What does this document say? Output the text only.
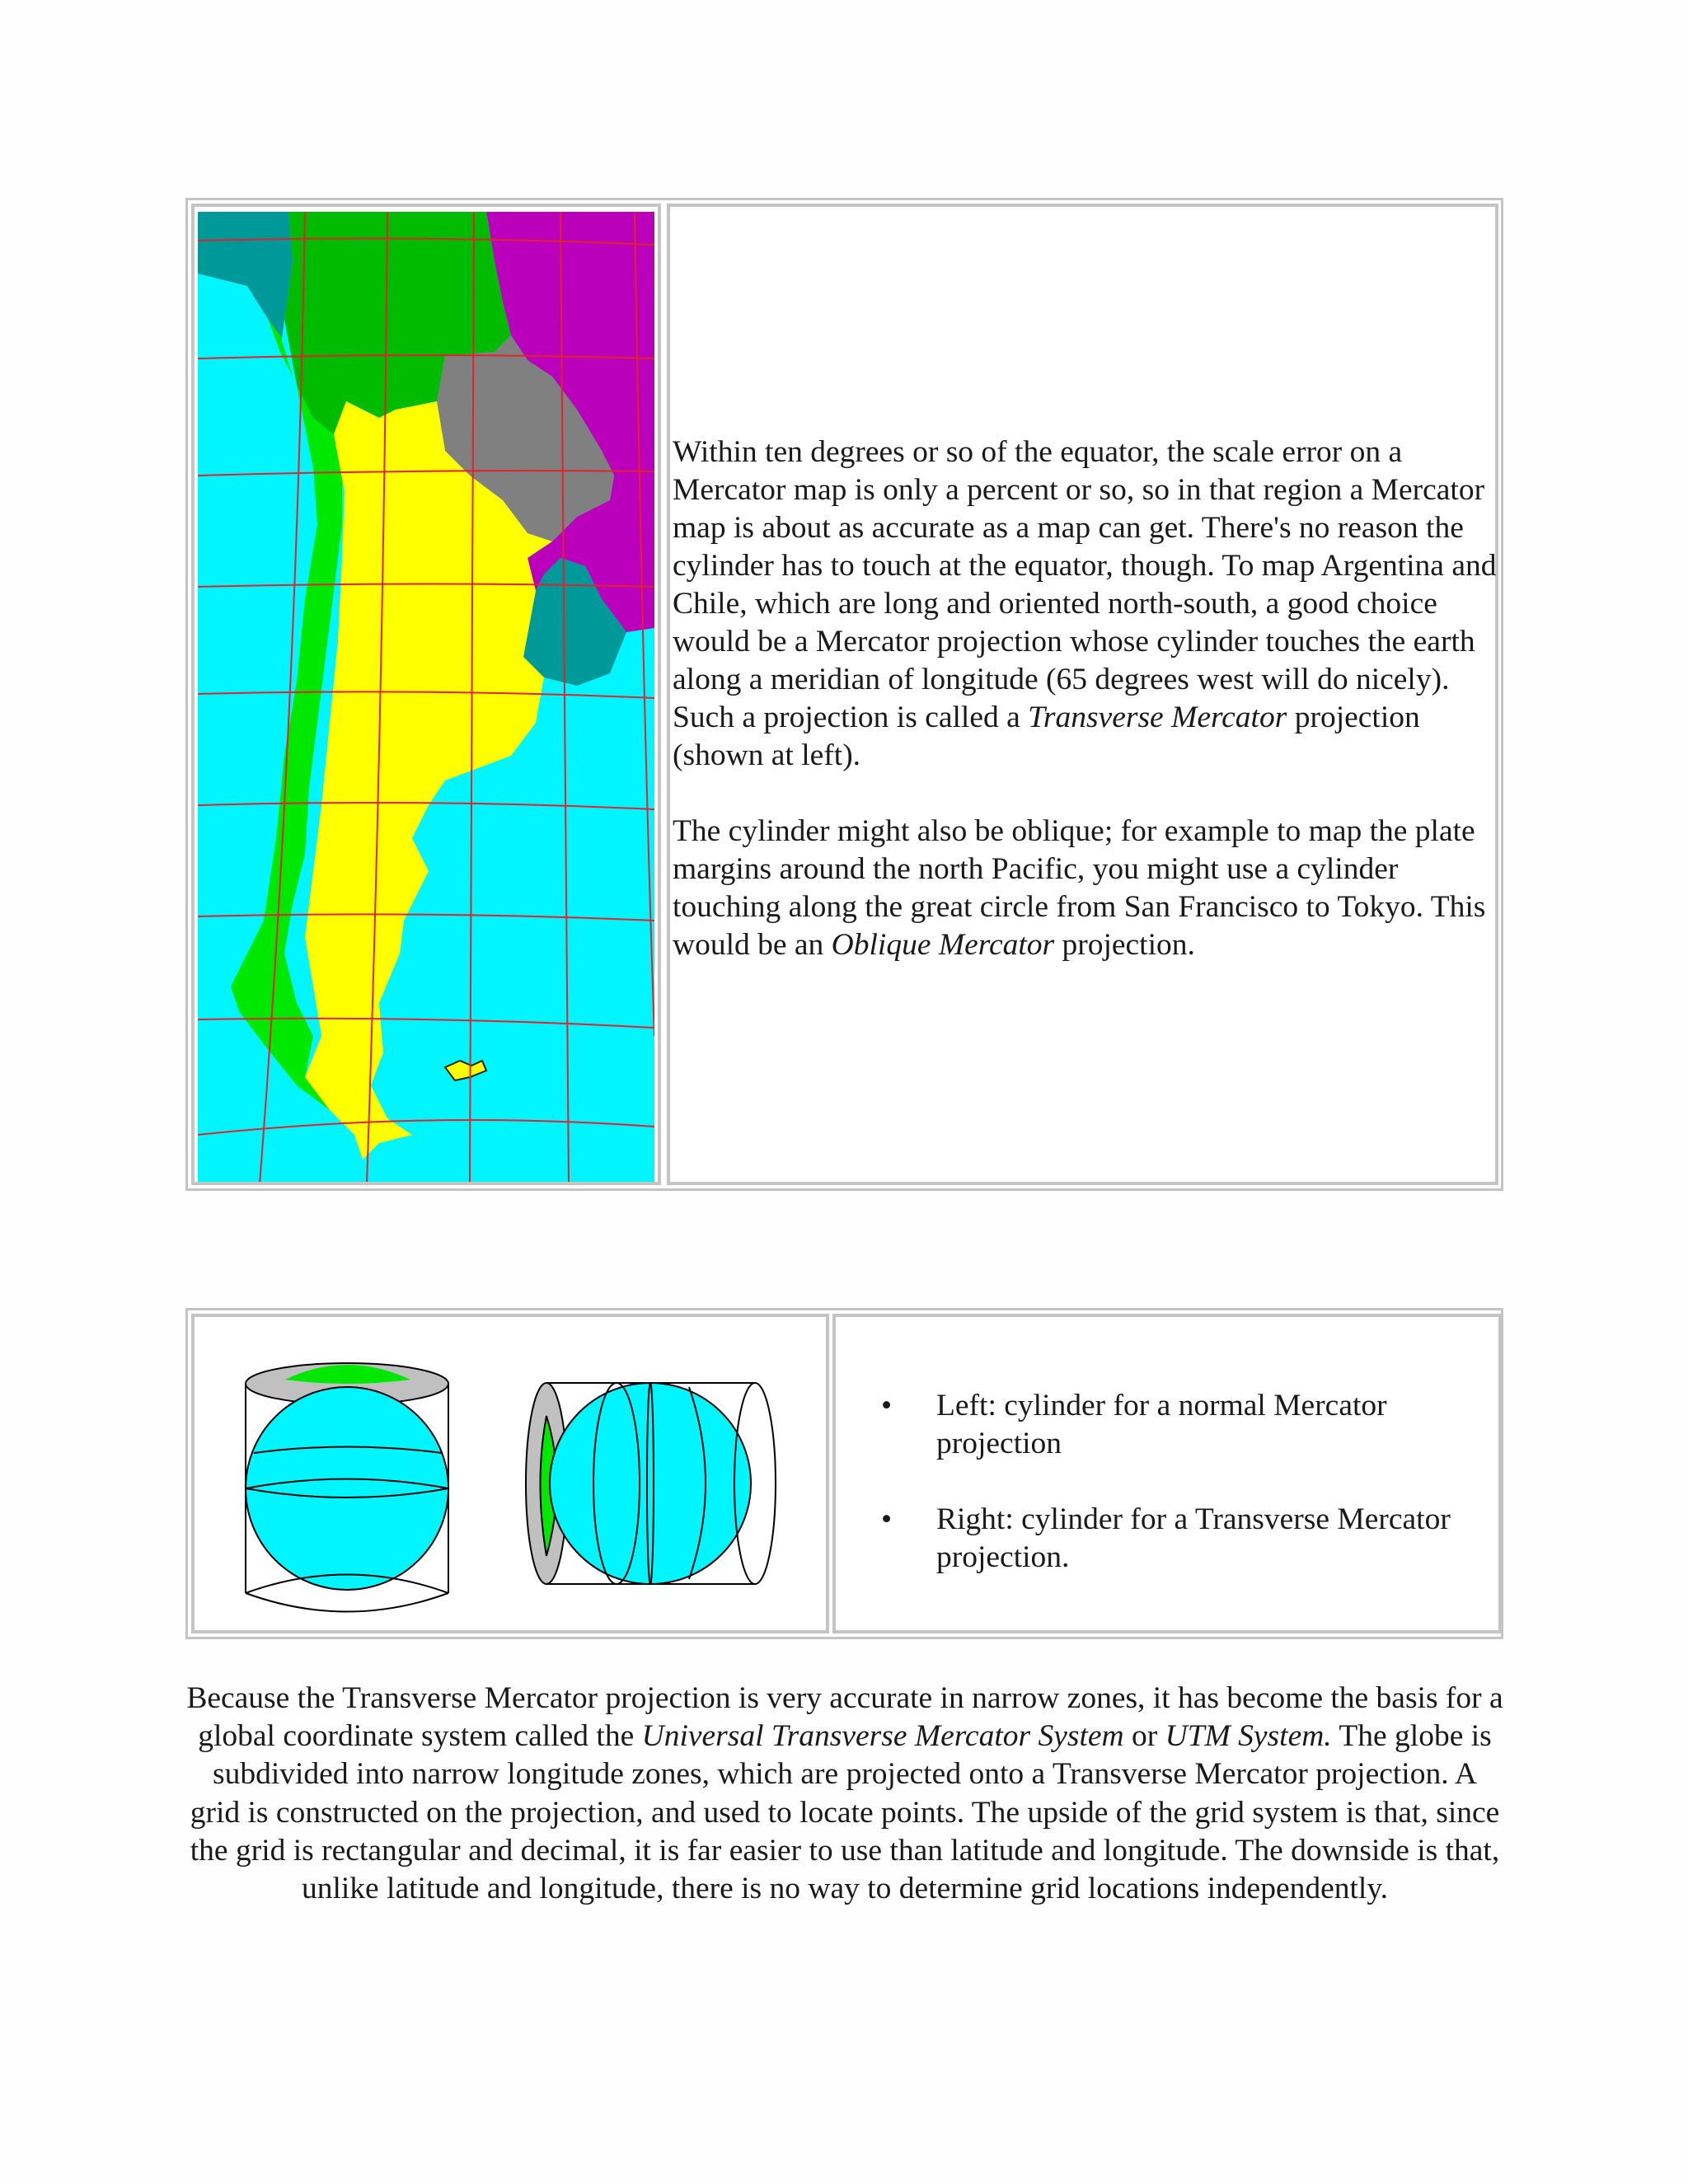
Within ten degrees or so of the equator, the scale error on a Mercator map is only a percent or so, so in that region a Mercator map is about as accurate as a map can get. There's no reason the cylinder has to touch at the equator, though. To map Argentina and Chile, which are long and oriented north-south, a good choice would be a Mercator projection whose cylinder touches the earth along a meridian of longitude (65 degrees west will do nicely). Such a projection is called a Transverse Mercator projection (shown at left).

The cylinder might also be oblique; for example to map the plate margins around the north Pacific, you might use a cylinder touching along the great circle from San Francisco to Tokyo. This would be an Oblique Mercator projection.

• Left: cylinder for a normal Mercator projection
• Right: cylinder for a Transverse Mercator projection.
Because the Transverse Mercator projection is very accurate in narrow zones, it has become the basis for a global coordinate system called the Universal Transverse Mercator System or UTM System. The globe is subdivided into narrow longitude zones, which are projected onto a Transverse Mercator projection. A grid is constructed on the projection, and used to locate points. The upside of the grid system is that, since the grid is rectangular and decimal, it is far easier to use than latitude and longitude. The downside is that, unlike latitude and longitude, there is no way to determine grid locations independently.
